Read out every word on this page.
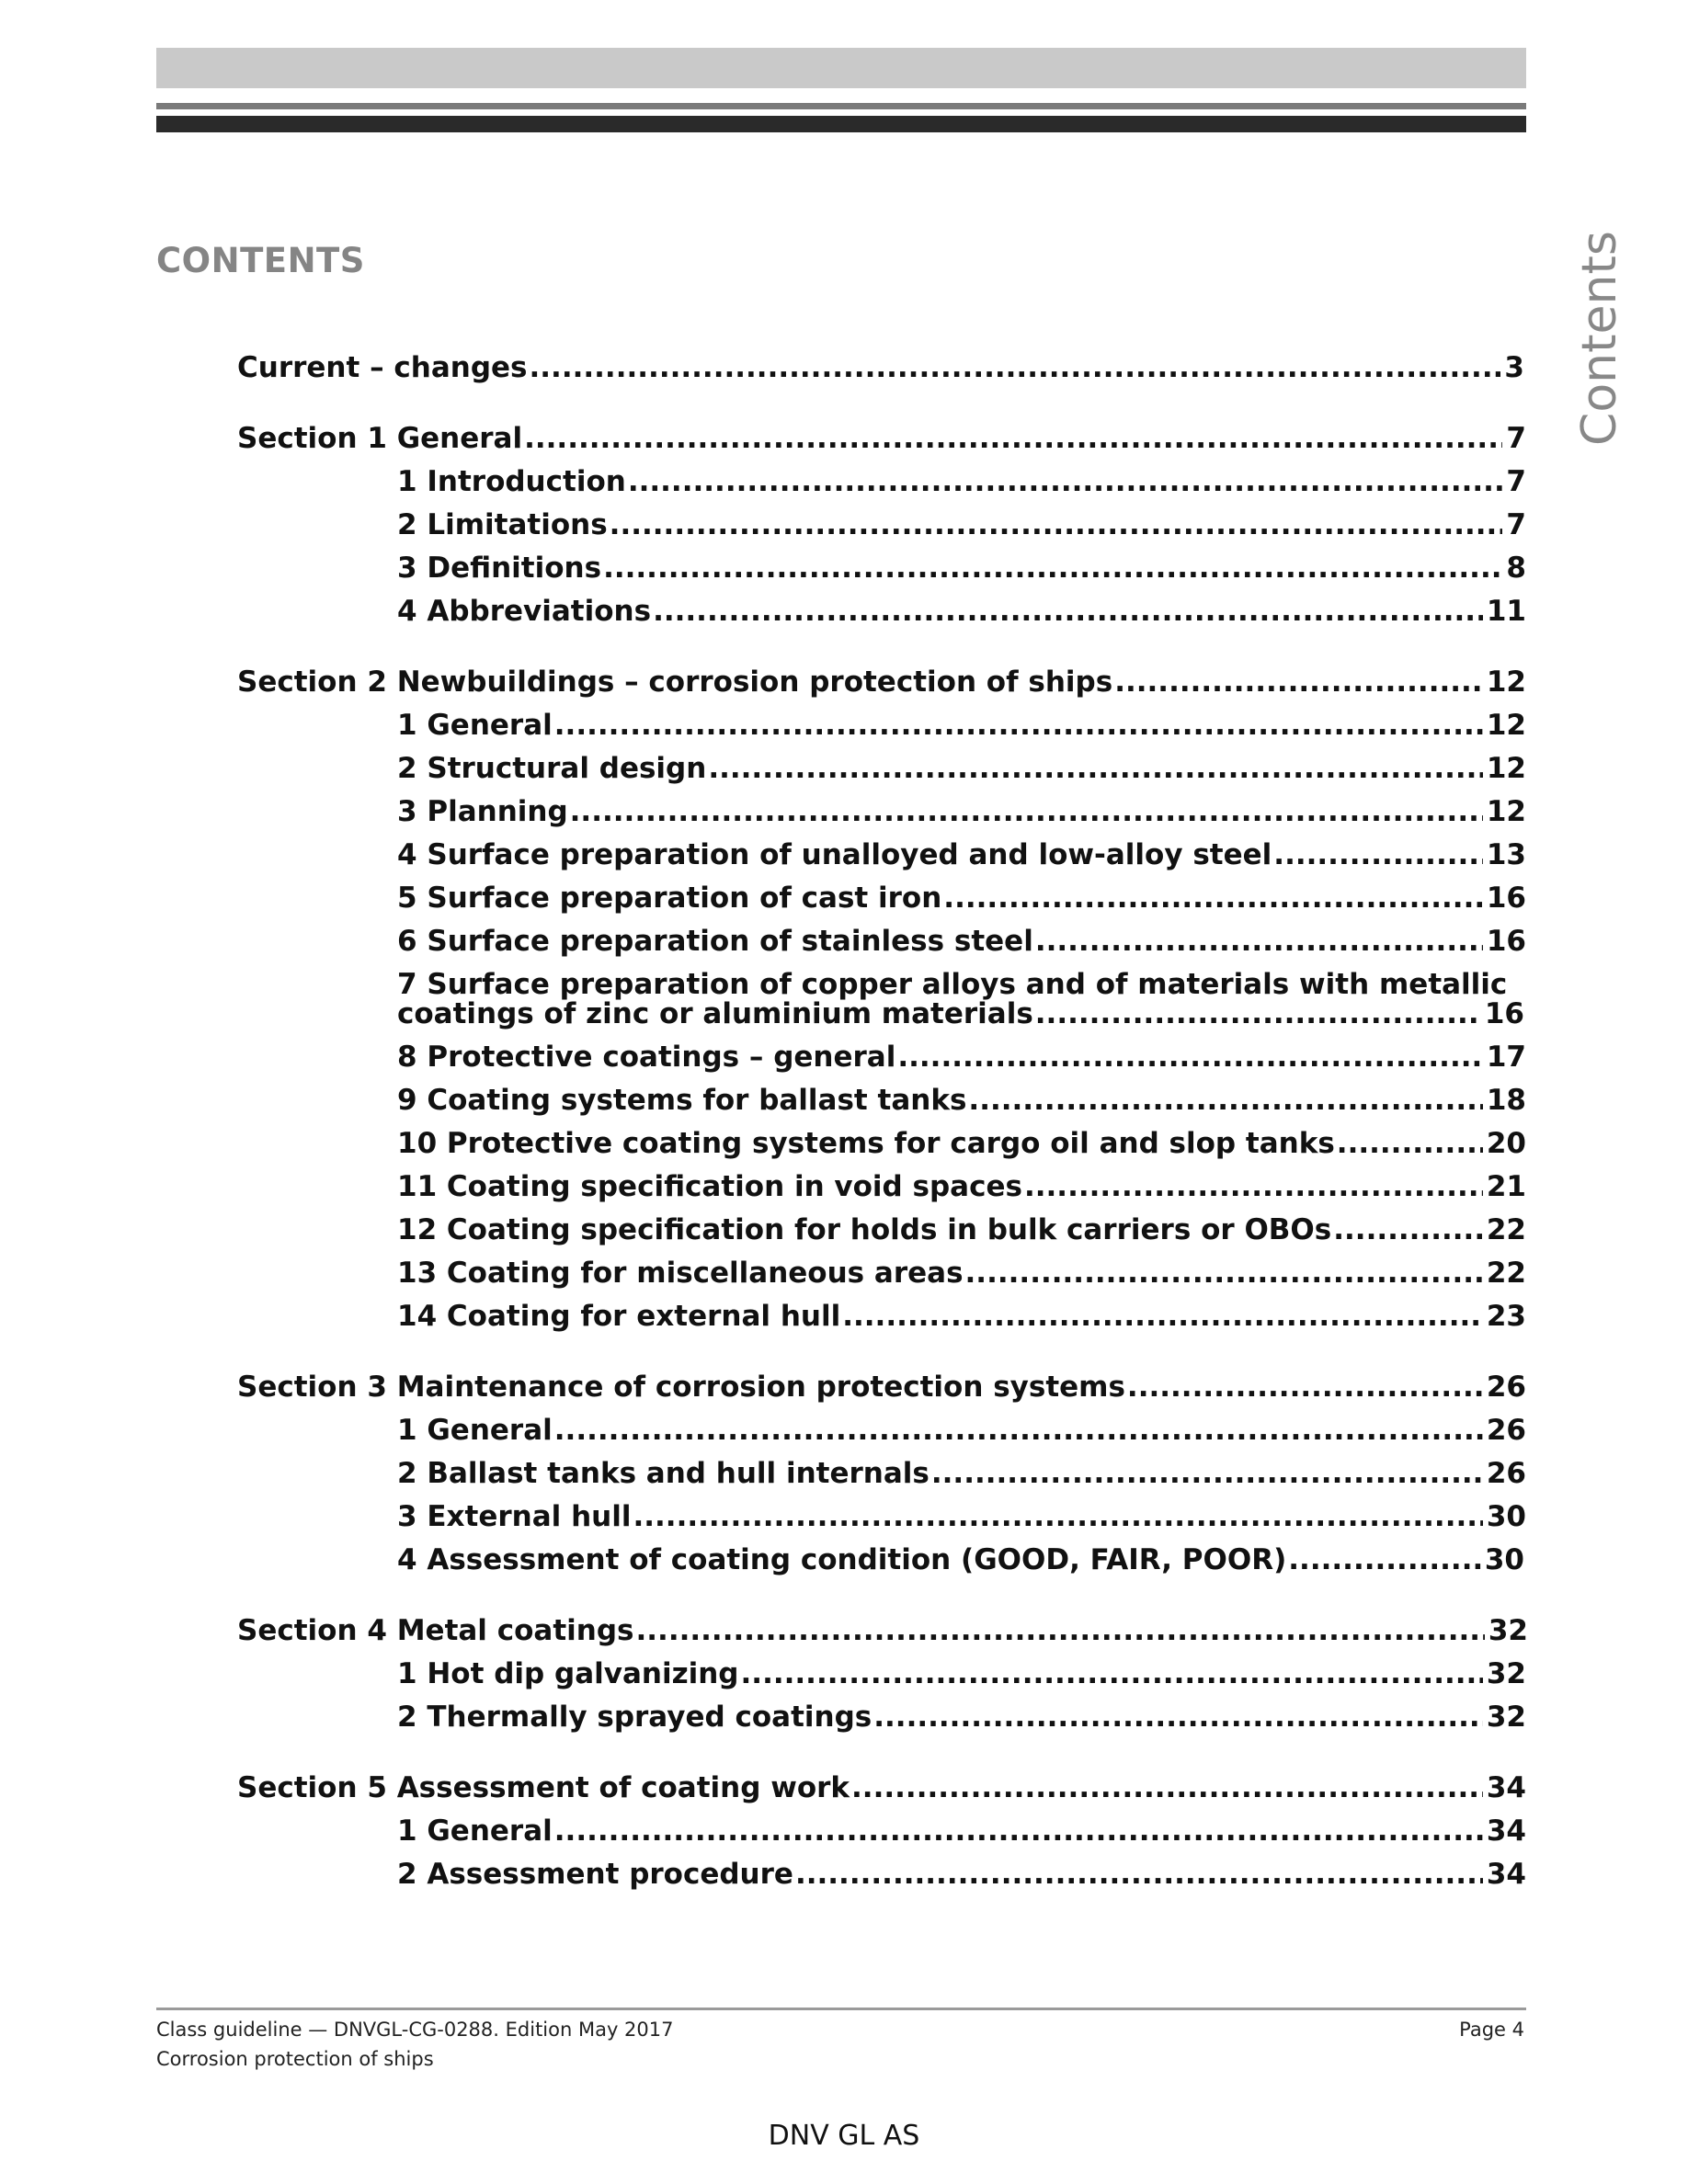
CONTENTS	Contents
Current – changes .....	3
Section 1 General .....	7
1 Introduction .....	7
2 Limitations .....	7
3 Definitions .....	8
4 Abbreviations .....	11
Section 2 Newbuildings – corrosion protection of ships .....	12
1 General .....	12
2 Structural design .....	12
3 Planning .....	12
4 Surface preparation of unalloyed and low-alloy steel .....	13
5 Surface preparation of cast iron .....	16
6 Surface preparation of stainless steel .....	16
7 Surface preparation of copper alloys and of materials with metallic
coatings of zinc or aluminium materials .....	16
8 Protective coatings – general .....	17
9 Coating systems for ballast tanks .....	18
10 Protective coating systems for cargo oil and slop tanks .....	20
11 Coating specification in void spaces .....	21
12 Coating specification for holds in bulk carriers or OBOs .....	22
13 Coating for miscellaneous areas .....	22
14 Coating for external hull .....	23
Section 3 Maintenance of corrosion protection systems .....	26
1 General .....	26
2 Ballast tanks and hull internals .....	26
3 External hull .....	30
4 Assessment of coating condition (GOOD, FAIR, POOR) .....	30
Section 4 Metal coatings .....	32
1 Hot dip galvanizing .....	32
2 Thermally sprayed coatings .....	32
Section 5 Assessment of coating work .....	34
1 General .....	34
2 Assessment procedure .....	34
Class guideline — DNVGL-CG-0288. Edition May 2017
Corrosion protection of ships
Page 4
DNV GL AS
